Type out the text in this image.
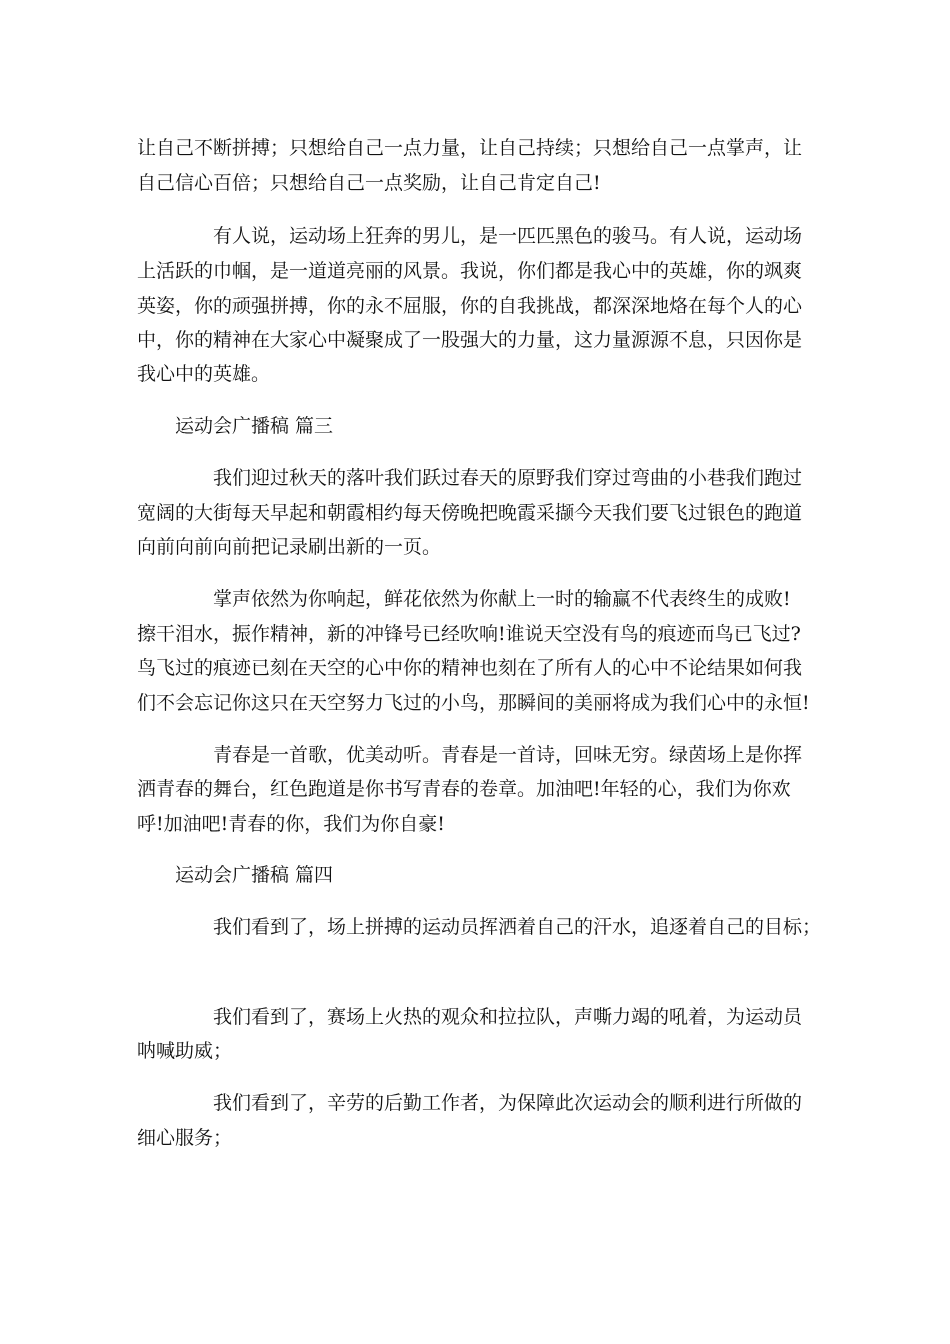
让自己不断拼搏；只想给自己一点力量，让自己持续；只想给自己一点掌声，让
自己信心百倍；只想给自己一点奖励，让自己肯定自己!
有人说，运动场上狂奔的男儿，是一匹匹黑色的骏马。有人说，运动场
上活跃的巾帼，是一道道亮丽的风景。我说，你们都是我心中的英雄，你的飒爽
英姿，你的顽强拼搏，你的永不屈服，你的自我挑战，都深深地烙在每个人的心
中，你的精神在大家心中凝聚成了一股强大的力量，这力量源源不息，只因你是
我心中的英雄。
运动会广播稿 篇三
我们迎过秋天的落叶我们跃过春天的原野我们穿过弯曲的小巷我们跑过
宽阔的大街每天早起和朝霞相约每天傍晚把晚霞采撷今天我们要飞过银色的跑道
向前向前向前把记录刷出新的一页。
掌声依然为你响起，鲜花依然为你献上一时的输赢不代表终生的成败!
擦干泪水，振作精神，新的冲锋号已经吹响!谁说天空没有鸟的痕迹而鸟已飞过?
鸟飞过的痕迹已刻在天空的心中你的精神也刻在了所有人的心中不论结果如何我
们不会忘记你这只在天空努力飞过的小鸟，那瞬间的美丽将成为我们心中的永恒!
青春是一首歌，优美动听。青春是一首诗，回味无穷。绿茵场上是你挥
洒青春的舞台，红色跑道是你书写青春的卷章。加油吧!年轻的心，我们为你欢
呼!加油吧!青春的你，我们为你自豪!
运动会广播稿 篇四
我们看到了，场上拼搏的运动员挥洒着自己的汗水，追逐着自己的目标；
我们看到了，赛场上火热的观众和拉拉队，声嘶力竭的吼着，为运动员
呐喊助威；
我们看到了，辛劳的后勤工作者，为保障此次运动会的顺利进行所做的
细心服务；
